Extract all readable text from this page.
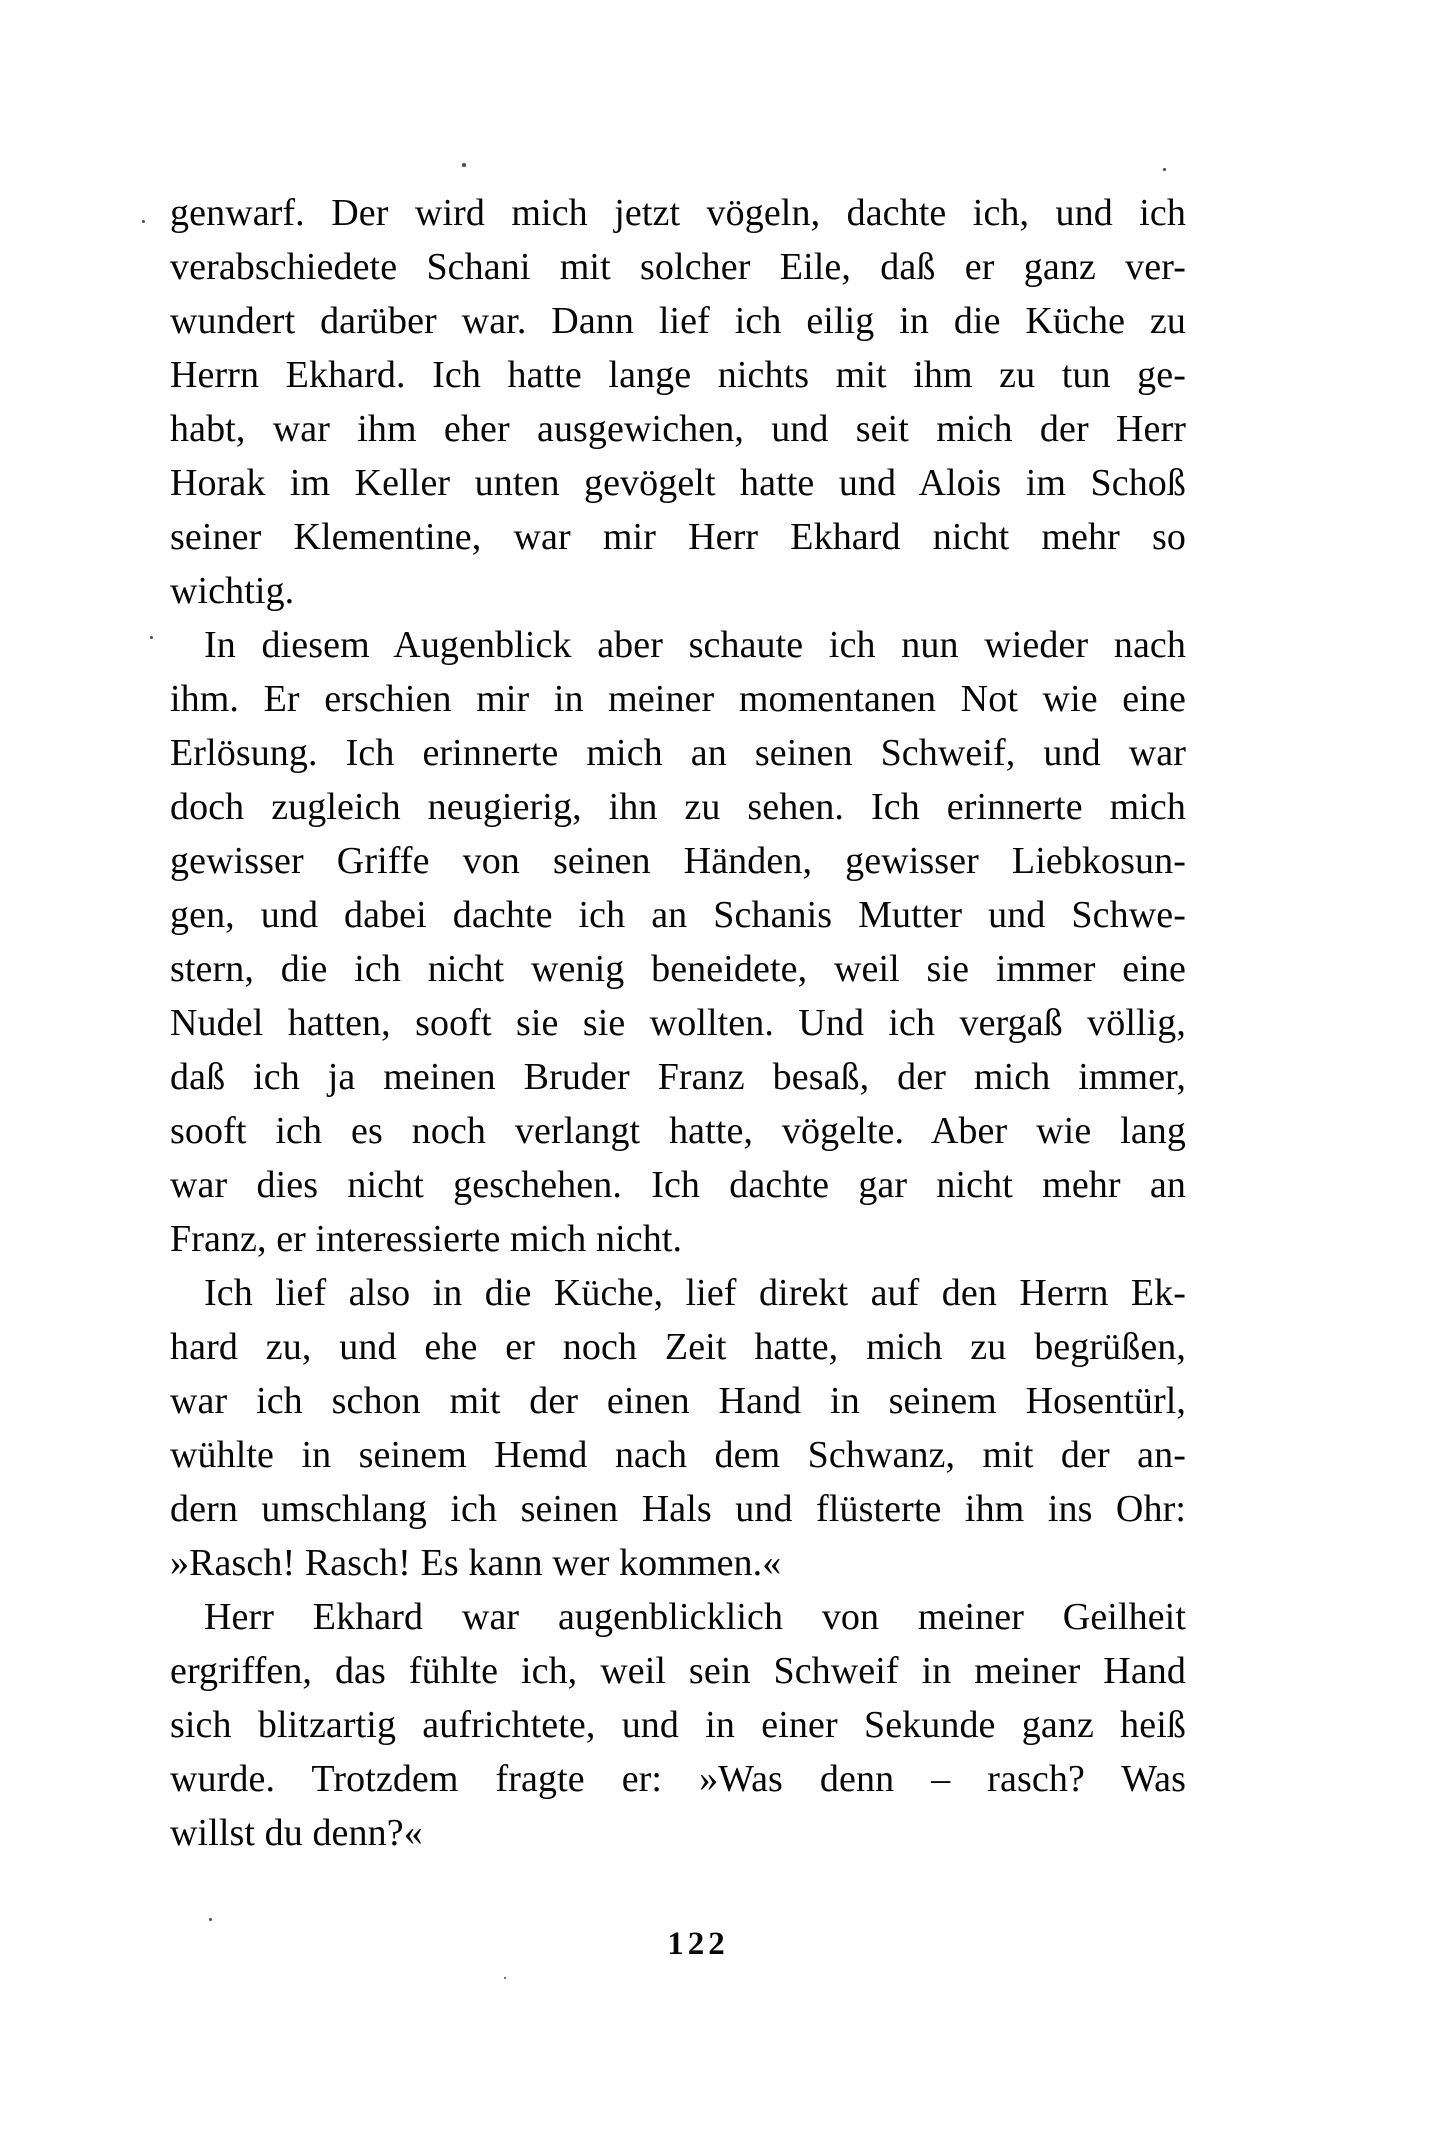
genwarf. Der wird mich jetzt vögeln, dachte ich, und ich
verabschiedete Schani mit solcher Eile, daß er ganz ver-
wundert darüber war. Dann lief ich eilig in die Küche zu
Herrn Ekhard. Ich hatte lange nichts mit ihm zu tun ge-
habt, war ihm eher ausgewichen, und seit mich der Herr
Horak im Keller unten gevögelt hatte und Alois im Schoß
seiner Klementine, war mir Herr Ekhard nicht mehr so
wichtig.
In diesem Augenblick aber schaute ich nun wieder nach
ihm. Er erschien mir in meiner momentanen Not wie eine
Erlösung. Ich erinnerte mich an seinen Schweif, und war
doch zugleich neugierig, ihn zu sehen. Ich erinnerte mich
gewisser Griffe von seinen Händen, gewisser Liebkosun-
gen, und dabei dachte ich an Schanis Mutter und Schwe-
stern, die ich nicht wenig beneidete, weil sie immer eine
Nudel hatten, sooft sie sie wollten. Und ich vergaß völlig,
daß ich ja meinen Bruder Franz besaß, der mich immer,
sooft ich es noch verlangt hatte, vögelte. Aber wie lang
war dies nicht geschehen. Ich dachte gar nicht mehr an
Franz, er interessierte mich nicht.
Ich lief also in die Küche, lief direkt auf den Herrn Ek-
hard zu, und ehe er noch Zeit hatte, mich zu begrüßen,
war ich schon mit der einen Hand in seinem Hosentürl,
wühlte in seinem Hemd nach dem Schwanz, mit der an-
dern umschlang ich seinen Hals und flüsterte ihm ins Ohr:
»Rasch! Rasch! Es kann wer kommen.«
Herr Ekhard war augenblicklich von meiner Geilheit
ergriffen, das fühlte ich, weil sein Schweif in meiner Hand
sich blitzartig aufrichtete, und in einer Sekunde ganz heiß
wurde. Trotzdem fragte er: »Was denn – rasch? Was
willst du denn?«
122
